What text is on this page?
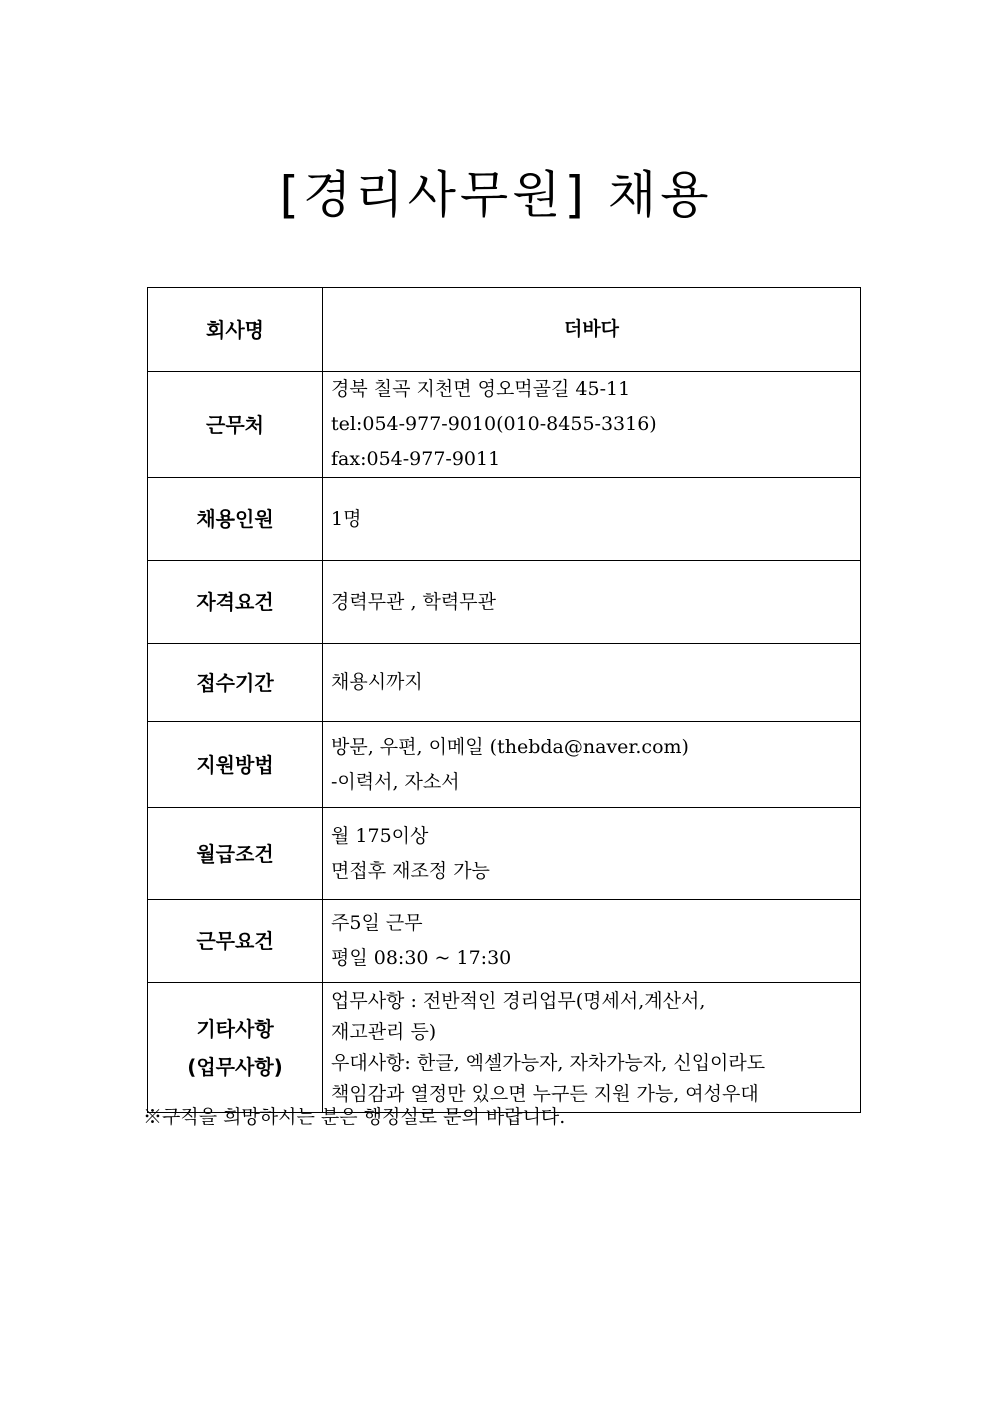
[경리사무원] 채용
회사명	더바다
근무처	경북 칠곡 지천면 영오먹골길 45-11
tel:054-977-9010(010-8455-3316)
fax:054-977-9011

채용인원	1명

자격요건	경력무관 , 학력무관

접수기간	채용시까지

지원방법	방문, 우편, 이메일 (thebda@naver.com)
-이력서, 자소서

월급조건	월 175이상
면접후 재조정 가능

근무요건	주5일 근무
평일 08:30 ~ 17:30

기타사항
(업무사항)	업무사항 : 전반적인 경리업무(명세서,계산서,
재고관리 등)
우대사항: 한글, 엑셀가능자, 자차가능자, 신입이라도
책임감과 열정만 있으면 누구든 지원 가능, 여성우대
※구직을 희망하시는 분은 행정실로 문의 바랍니다.
